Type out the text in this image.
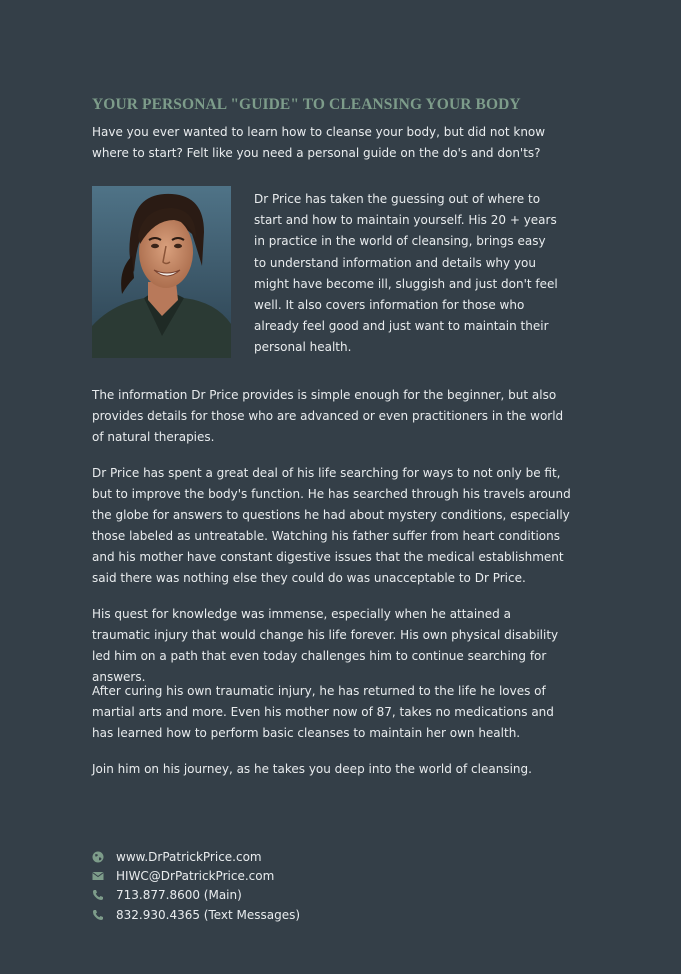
YOUR PERSONAL "GUIDE" TO CLEANSING YOUR BODY

Have you ever wanted to learn how to cleanse your body, but did not know where to start? Felt like you need a personal guide on the do's and don'ts?

Dr Price has taken the guessing out of where to start and how to maintain yourself. His 20 + years in practice in the world of cleansing, brings easy to understand information and details why you might have become ill, sluggish and just don't feel well. It also covers information for those who already feel good and just want to maintain their personal health.

The information Dr Price provides is simple enough for the beginner, but also provides details for those who are advanced or even practitioners in the world of natural therapies.

Dr Price has spent a great deal of his life searching for ways to not only be fit, but to improve the body's function. He has searched through his travels around the globe for answers to questions he had about mystery conditions, especially those labeled as untreatable. Watching his father suffer from heart conditions and his mother have constant digestive issues that the medical establishment said there was nothing else they could do was unacceptable to Dr Price.

His quest for knowledge was immense, especially when he attained a traumatic injury that would change his life forever. His own physical disability led him on a path that even today challenges him to continue searching for answers.

After curing his own traumatic injury, he has returned to the life he loves of martial arts and more. Even his mother now of 87, takes no medications and has learned how to perform basic cleanses to maintain her own health.

Join him on his journey, as he takes you deep into the world of cleansing.

www.DrPatrickPrice.com
HIWC@DrPatrickPrice.com
713.877.8600 (Main)
832.930.4365 (Text Messages)
